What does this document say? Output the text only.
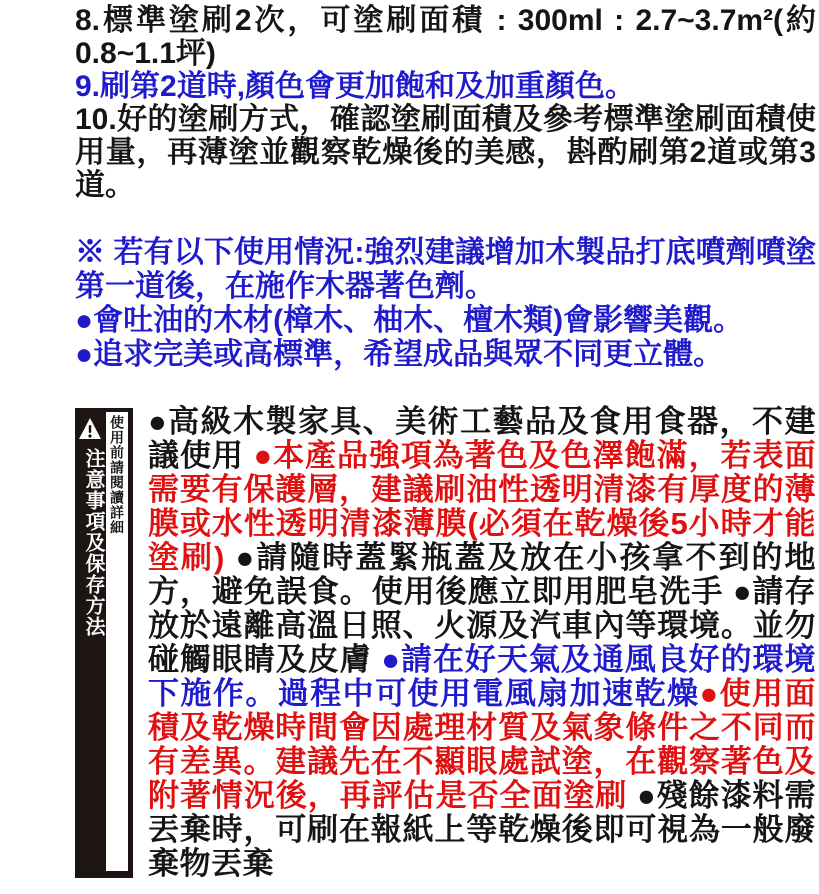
8.標準塗刷2次，可塗刷面積 : 300ml : 2.7~3.7m²(約0.8~1.1坪)

9.刷第2道時,顏色會更加飽和及加重顏色。

10.好的塗刷方式，確認塗刷面積及參考標準塗刷面積使用量，再薄塗並觀察乾燥後的美感，斟酌刷第2道或第3道。

※ 若有以下使用情況:強烈建議增加木製品打底噴劑噴塗第一道後，在施作木器著色劑。

●會吐油的木材(樟木、柚木、檀木類)會影響美觀。

●追求完美或高標準，希望成品與眾不同更立體。

注意事項及保存方法 使用前請閱讀詳細 ●高級木製家具、美術工藝品及食用食器，不建議使用 ●本產品強項為著色及色澤飽滿，若表面需要有保護層，建議刷油性透明清漆有厚度的薄膜或水性透明清漆薄膜(必須在乾燥後5小時才能塗刷) ●請隨時蓋緊瓶蓋及放在小孩拿不到的地方，避免誤食。使用後應立即用肥皂洗手 ●請存放於遠離高溫日照、火源及汽車內等環境。並勿碰觸眼睛及皮膚 ●請在好天氣及通風良好的環境下施作。過程中可使用電風扇加速乾燥●使用面積及乾燥時間會因處理材質及氣象條件之不同而有差異。建議先在不顯眼處試塗，在觀察著色及附著情況後，再評估是否全面塗刷 ●殘餘漆料需丟棄時，可刷在報紙上等乾燥後即可視為一般廢棄物丟棄
